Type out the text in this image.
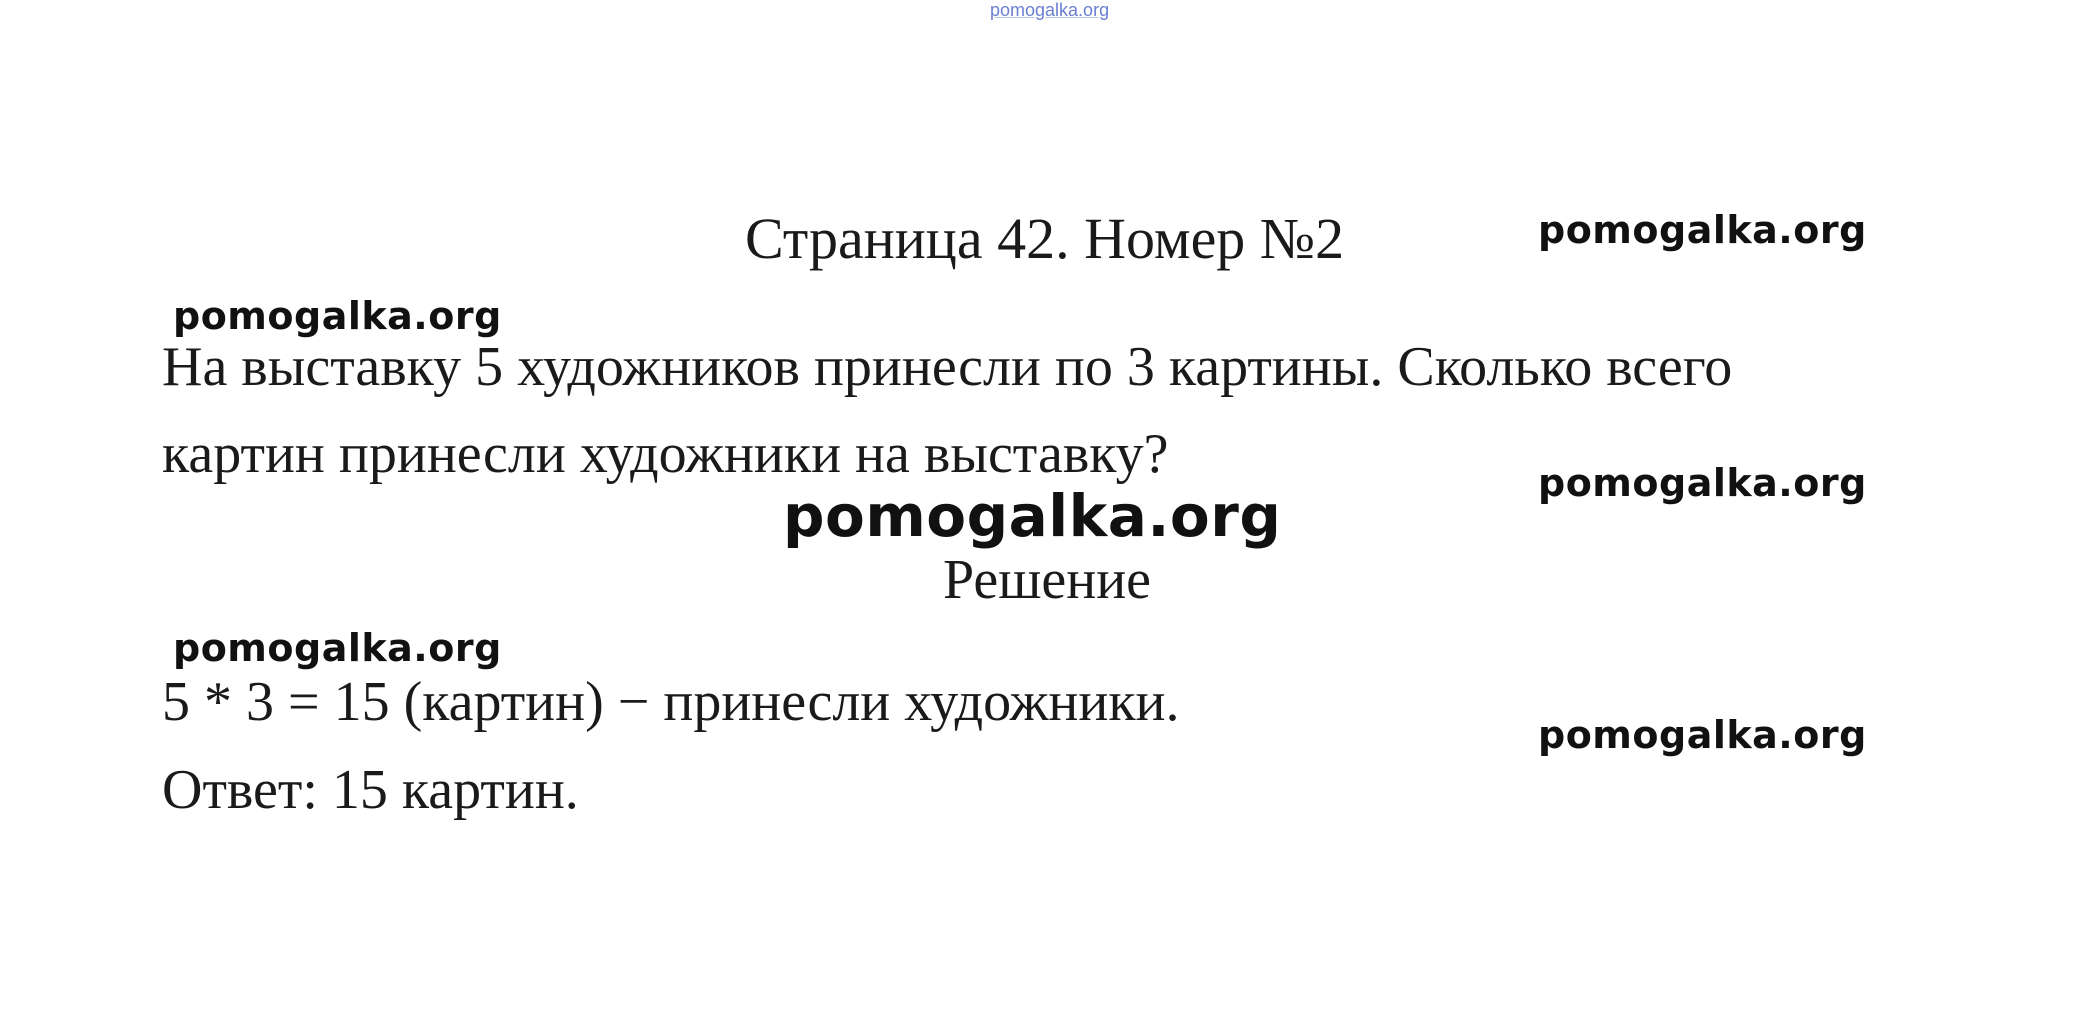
pomogalka.org
Страница 42. Номер №2	pomogalka.org
pomogalka.org
На выставку 5 художников принесли по 3 картины. Сколько всего
картин принесли художники на выставку?	pomogalka.org
pomogalka.org
Решение
pomogalka.org
5 * 3 = 15 (картин) − принесли художники.
pomogalka.org
Ответ: 15 картин.
